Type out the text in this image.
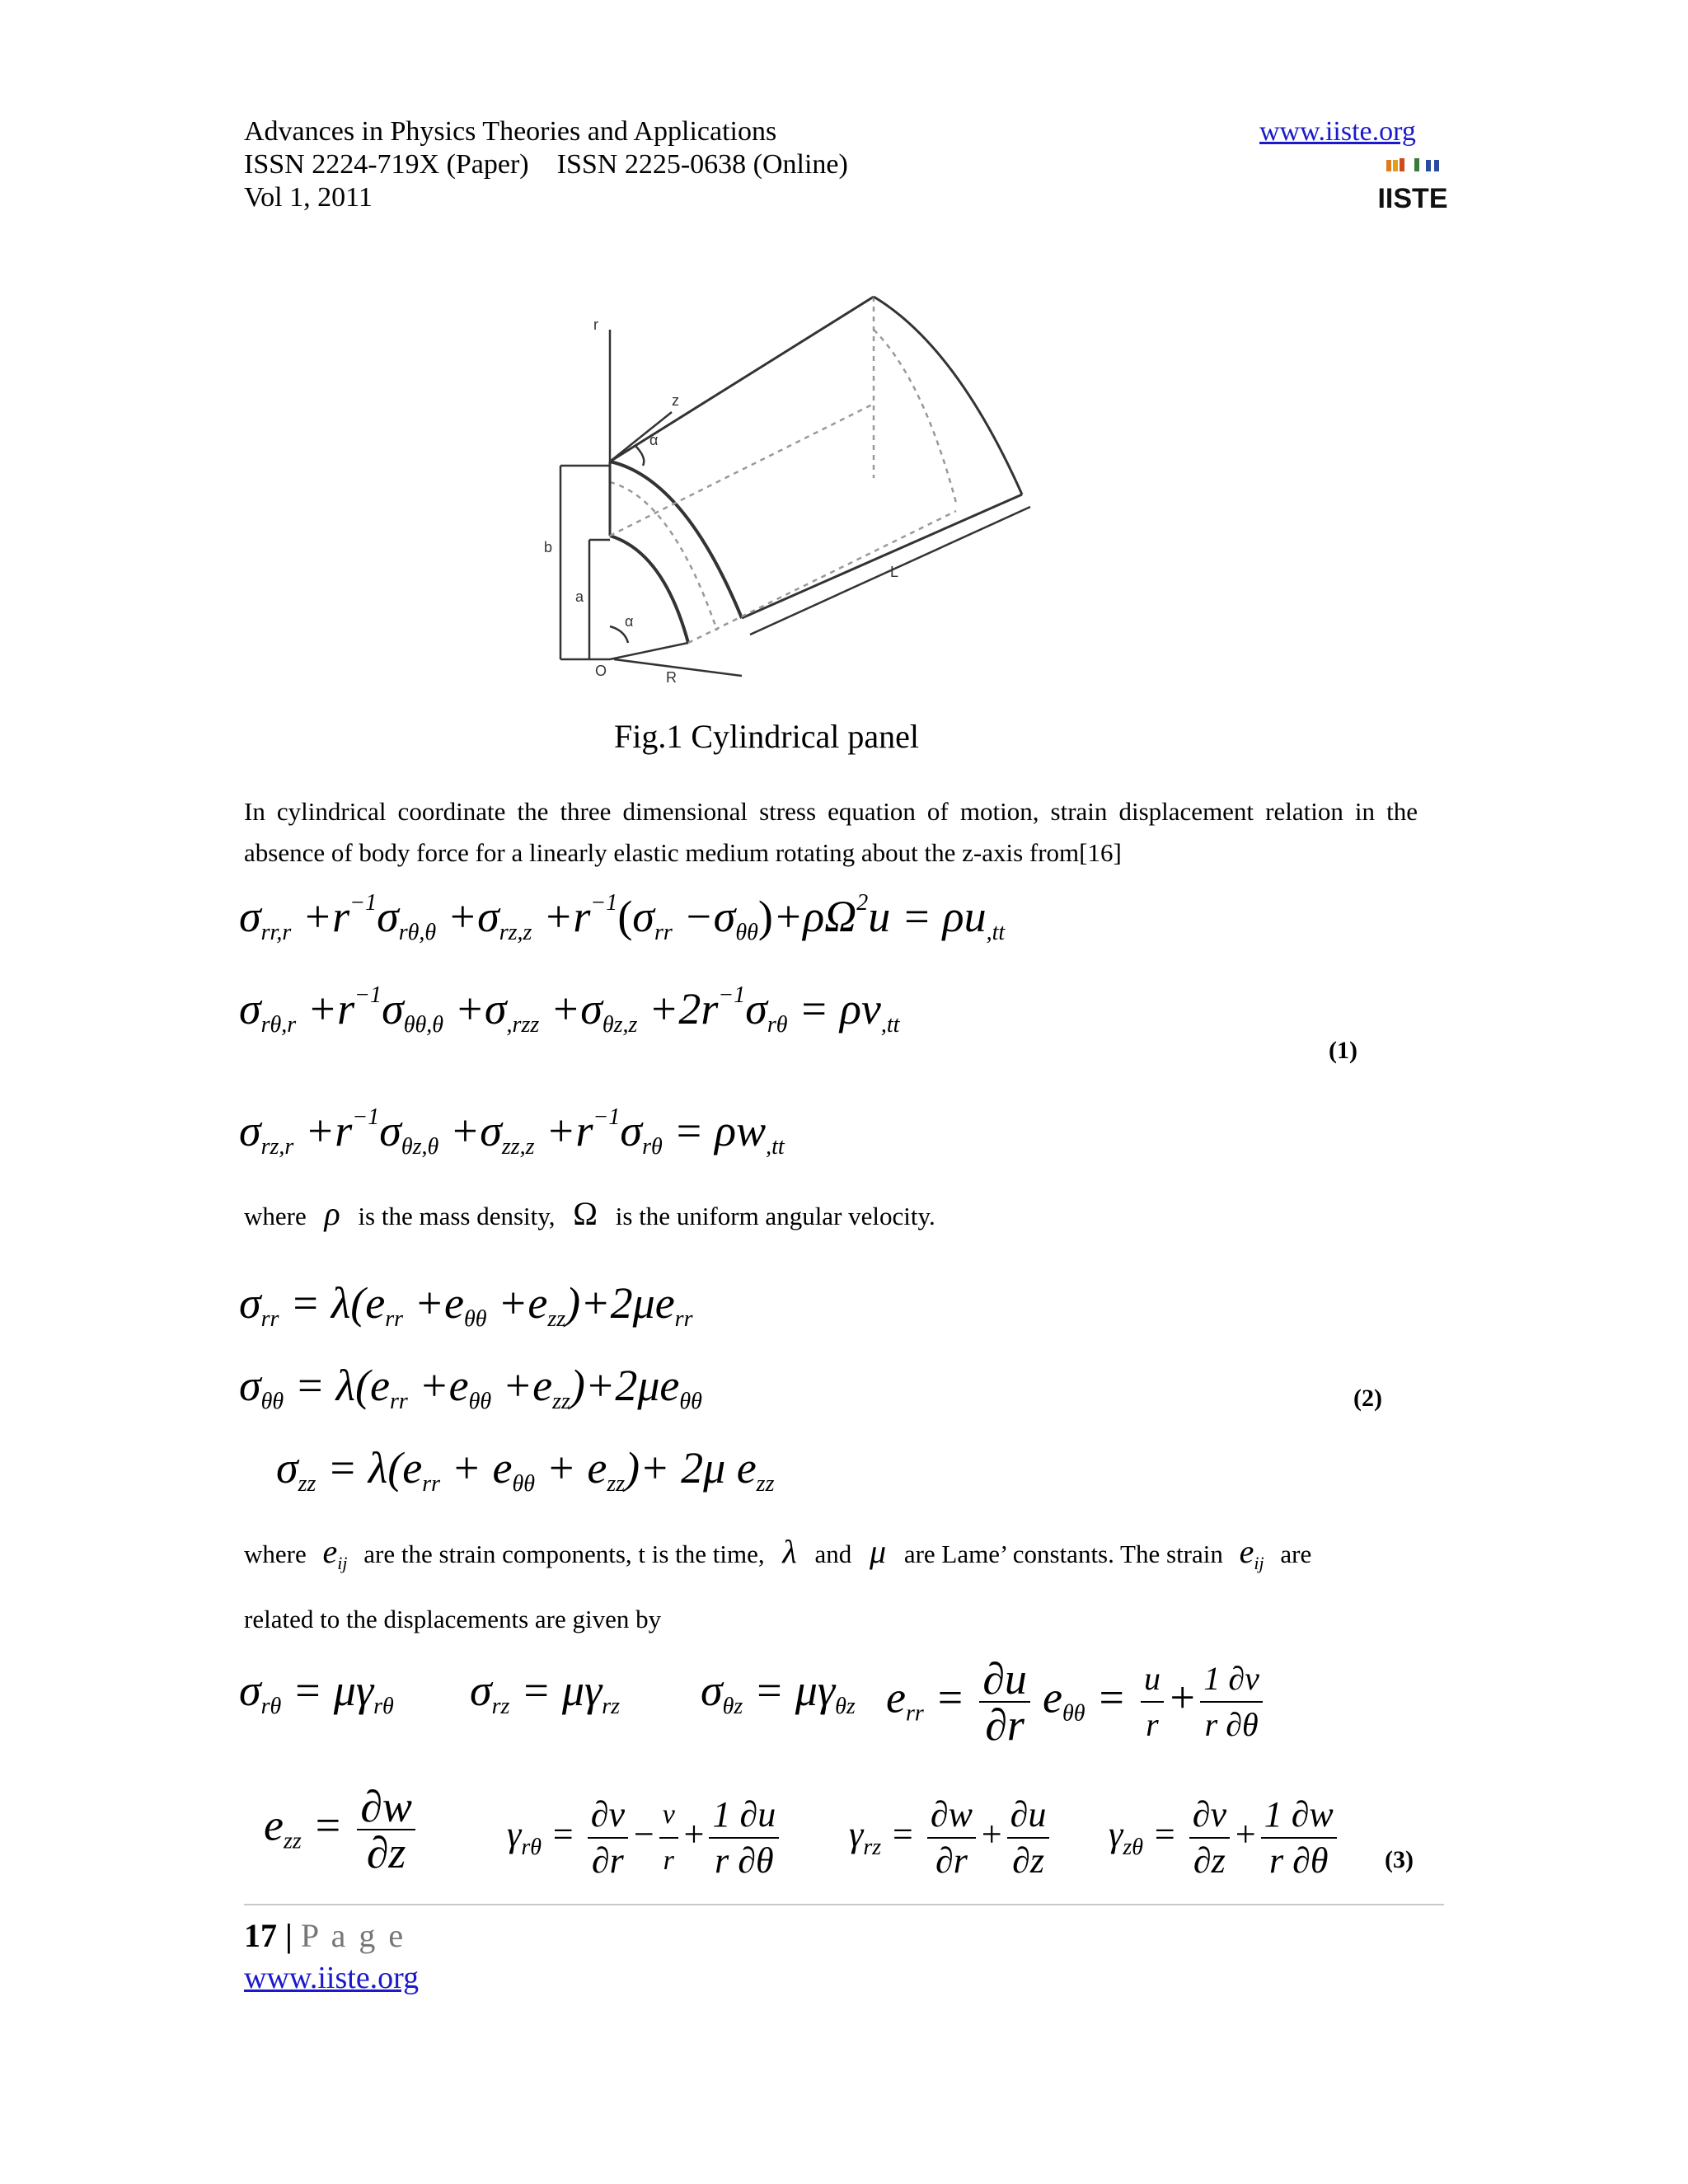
Advances in Physics Theories and Applications
ISSN 2224-719X (Paper)    ISSN 2225-0638 (Online)
Vol 1, 2011
www.iiste.org
IISTE
z
r
α
b
a
α
O	R
L
Fig.1 Cylindrical panel
In cylindrical coordinate the three dimensional stress equation of motion, strain displacement relation in the absence of body force for a linearly elastic medium rotating about the z-axis from[16]
$\sigma_{rr,r} +r^{-1}\sigma_{r\theta,\theta} +\sigma_{rz,z} +r^{-1}(\sigma_{rr} -\sigma_{\theta\theta})+\rho\Omega^2u = \rho u_{,tt}$
$\sigma_{r\theta,r} +r^{-1}\sigma_{\theta\theta,\theta} +\sigma_{,rzz} +\sigma_{\theta z,z} +2r^{-1}\sigma_{r\theta} = \rho v_{,tt}$
(1)
$\sigma_{rz,r} +r^{-1}\sigma_{\theta z,\theta} +\sigma_{zz,z} +r^{-1}\sigma_{r\theta} = \rho w_{,tt}$
where ρ is the mass density, Ω is the uniform angular velocity.
$\sigma_{rr} = \lambda(e_{rr} +e_{\theta\theta} +e_{zz})+2\mu e_{rr}$
$\sigma_{\theta\theta} = \lambda(e_{rr} +e_{\theta\theta} +e_{zz})+2\mu e_{\theta\theta}$	(2)
$\sigma_{zz} = \lambda(e_{rr} + e_{\theta\theta} + e_{zz})+ 2\mu$ $e_{zz}$
where $e_{ij}$ are the strain components, t is the time, λ and μ are Lame’ constants. The strain $e_{ij}$ are
related to the displacements are given by
$\sigma_{r\theta} = \mu\gamma_{r\theta}$ $\sigma_{rz} = \mu\gamma_{rz}$ $\sigma_{\theta z} = \mu\gamma_{\theta z}$ $e_{rr} = \frac{\partial u}{\partial r} e_{\theta\theta} = \frac{u}{r} + \frac{1 \partial v}{r \partial\theta}$
$e_{zz} = \frac{\partial w}{\partial z}$	$\gamma_{r\theta} = \frac{\partial v}{\partial r} - \frac{v}{r} + \frac{1 \partial u}{r \partial\theta} \gamma_{rz} = \frac{\partial w}{\partial r} + \frac{\partial u}{\partial z} \gamma_{z\theta} = \frac{\partial v}{\partial z} + \frac{1 \partial w}{r \partial\theta} (3)$
17 | P a g e
www.iiste.org
